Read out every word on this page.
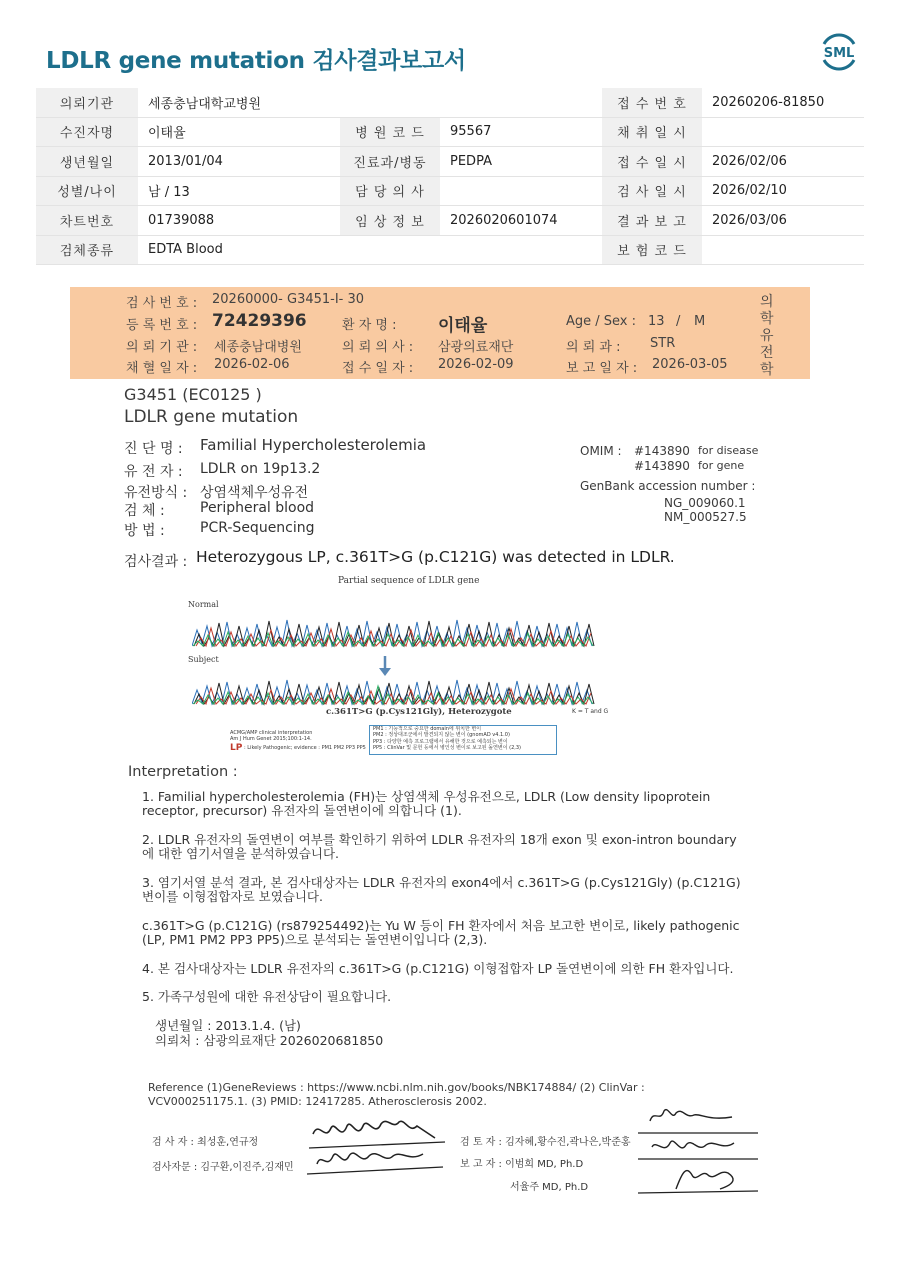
LDLR gene mutation 검사결과보고서	SML
의뢰기관	세종충남대학교병원			접 수 번 호	20260206-81850
수진자명	이태율	병 원 코 드	95567	채 취 일 시	
생년월일	2013/01/04	진료과/병동	PEDPA	접 수 일 시	2026/02/06
성별/나이	남 / 13	담 당 의 사		검 사 일 시	2026/02/10
차트번호	01739088	임 상 정 보	2026020601074	결 과 보 고	2026/03/06
검체종류	EDTA Blood			보 험 코 드	
검 사 번 호 : 20260000- G3451-I- 30
등 록 번 호 : 72429396	환 자 명 : 이태율	Age / Sex : 13 / M
의 뢰 기 관 : 세종충남대병원	의 뢰 의 사 : 삼광의료재단	의 뢰 과 : STR
채 혈 일 자 : 2026-02-06	접 수 일 자 : 2026-02-09	보 고 일 자 : 2026-03-05
의
학
유
전
학
G3451 (EC0125 )
LDLR gene mutation
진 단 명 : Familial Hypercholesterolemia
유 전 자 : LDLR on 19p13.2
유전방식 : 상염색체우성유전
검 체 :	Peripheral blood
방 법 :	PCR-Sequencing
OMIM : #143890 for disease
#143890 for gene
GenBank accession number :
NG_009060.1
NM_000527.5
검사결과 : Heterozygous LP, c.361T>G (p.C121G) was detected in LDLR.
Partial sequence of LDLR gene
Normal
Subject
c.361T>G (p.Cys121Gly), Heterozygote	K = T and G
ACMG/AMP clinical interpretation
Am J Hum Genet 2015;100:1-14.
LP : Likely Pathogenic; evidence : PM1 PM2 PP3 PP5
PM1 : 기능적으로 중요한 domain에 위치한 변이
PM2 : 정상대조군에서 발견되지 않는 변이 (gnomAD v4.1.0)
PP3 : 다양한 예측 프로그램에서 유해한 것으로 예측되는 변이
PP5 : ClinVar 및 문헌 등에서 병인성 변이로 보고된 돌연변이 (2,3)
Interpretation :
1. Familial hypercholesterolemia (FH)는 상염색체 우성유전으로, LDLR (Low density lipoprotein
receptor, precursor) 유전자의 돌연변이에 의합니다 (1).
2. LDLR 유전자의 돌연변이 여부를 확인하기 위하여 LDLR 유전자의 18개 exon 및 exon-intron boundary
에 대한 염기서열을 분석하였습니다.
3. 염기서열 분석 결과, 본 검사대상자는 LDLR 유전자의 exon4에서 c.361T>G (p.Cys121Gly) (p.C121G)
변이를 이형접합자로 보였습니다.
c.361T>G (p.C121G) (rs879254492)는 Yu W 등이 FH 환자에서 처음 보고한 변이로, likely pathogenic
(LP, PM1 PM2 PP3 PP5)으로 분석되는 돌연변이입니다 (2,3).
4. 본 검사대상자는 LDLR 유전자의 c.361T>G (p.C121G) 이형접합자 LP 돌연변이에 의한 FH 환자입니다.
5. 가족구성원에 대한 유전상담이 필요합니다.
생년월일 : 2013.1.4. (남)
의뢰처 : 삼광의료재단 2026020681850
Reference (1)GeneReviews : https://www.ncbi.nlm.nih.gov/books/NBK174884/ (2) ClinVar :
VCV000251175.1. (3) PMID: 12417285. Atherosclerosis 2002.
검 사 자 : 최성훈,연규정
검사자문 : 김구환,이진주,김재민
검 토 자 : 김자혜,황수진,곽나은,박준홍
보 고 자 : 이범희 MD, Ph.D
서율주 MD, Ph.D
